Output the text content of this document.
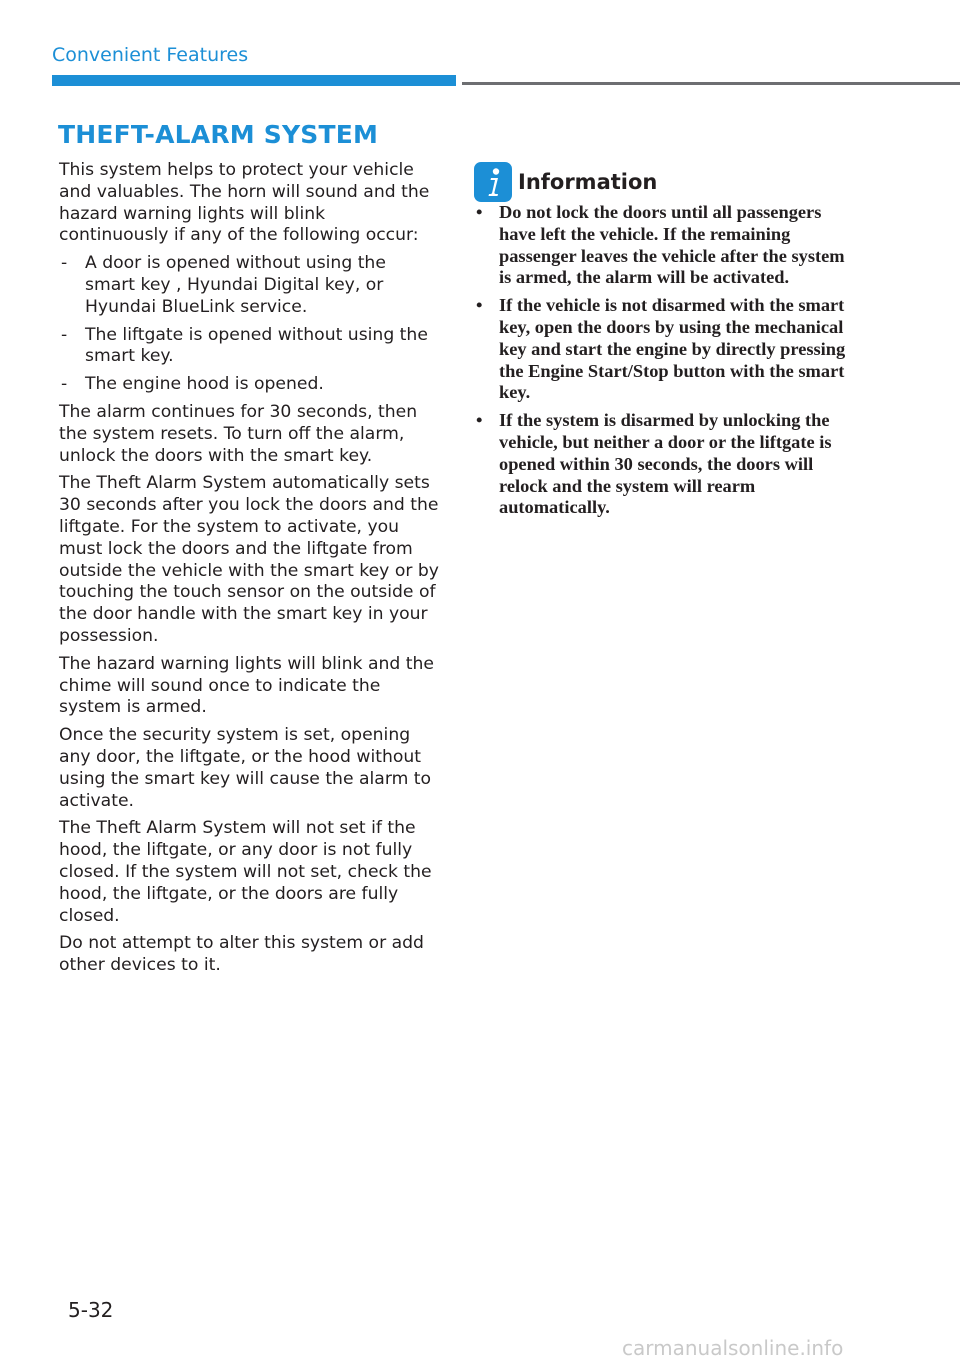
Convenient Features
THEFT-ALARM SYSTEM

This system helps to protect your vehicle and valuables. The horn will sound and the hazard warning lights will blink continuously if any of the following occur:

- A door is opened without using the smart key , Hyundai Digital key, or Hyundai BlueLink service.
- The liftgate is opened without using the smart key.
- The engine hood is opened.

The alarm continues for 30 seconds, then the system resets. To turn off the alarm, unlock the doors with the smart key.

The Theft Alarm System automatically sets 30 seconds after you lock the doors and the liftgate. For the system to activate, you must lock the doors and the liftgate from outside the vehicle with the smart key or by touching the touch sensor on the outside of the door handle with the smart key in your possession.

The hazard warning lights will blink and the chime will sound once to indicate the system is armed.

Once the security system is set, opening any door, the liftgate, or the hood without using the smart key will cause the alarm to activate.

The Theft Alarm System will not set if the hood, the liftgate, or any door is not fully closed. If the system will not set, check the hood, the liftgate, or the doors are fully closed.

Do not attempt to alter this system or add other devices to it.

Information
• Do not lock the doors until all passengers have left the vehicle. If the remaining passenger leaves the vehicle after the system is armed, the alarm will be activated.
• If the vehicle is not disarmed with the smart key, open the doors by using the mechanical key and start the engine by directly pressing the Engine Start/Stop button with the smart key.
• If the system is disarmed by unlocking the vehicle, but neither a door or the liftgate is opened within 30 seconds, the doors will relock and the system will rearm automatically.
5-32
carmanualsonline.info
